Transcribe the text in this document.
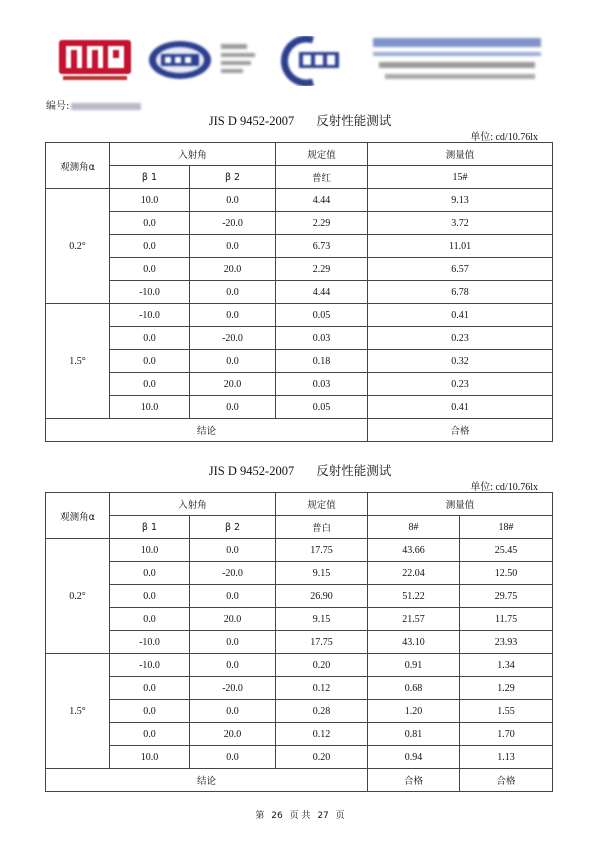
编号:
JIS D 9452-2007 反射性能测试
单位: cd/10.76lx
观测角α	入射角		规定值	测量值
	β 1	β 2	普红	15#
0.2°	10.0	0.0	4.44	9.13
	0.0	-20.0	2.29	3.72
	0.0	0.0	6.73	11.01
	0.0	20.0	2.29	6.57
	-10.0	0.0	4.44	6.78
1.5°	-10.0	0.0	0.05	0.41
	0.0	-20.0	0.03	0.23
	0.0	0.0	0.18	0.32
	0.0	20.0	0.03	0.23
	10.0	0.0	0.05	0.41
结论				合格
JIS D 9452-2007 反射性能测试
单位: cd/10.76lx
观测角α	入射角		规定值	测量值	
	β 1	β 2	普白	8#	18#
0.2°	10.0	0.0	17.75	43.66	25.45
	0.0	-20.0	9.15	22.04	12.50
	0.0	0.0	26.90	51.22	29.75
	0.0	20.0	9.15	21.57	11.75
	-10.0	0.0	17.75	43.10	23.93
1.5°	-10.0	0.0	0.20	0.91	1.34
	0.0	-20.0	0.12	0.68	1.29
	0.0	0.0	0.28	1.20	1.55
	0.0	20.0	0.12	0.81	1.70
	10.0	0.0	0.20	0.94	1.13
结论				合格	合格
第 26 页 共 27 页
